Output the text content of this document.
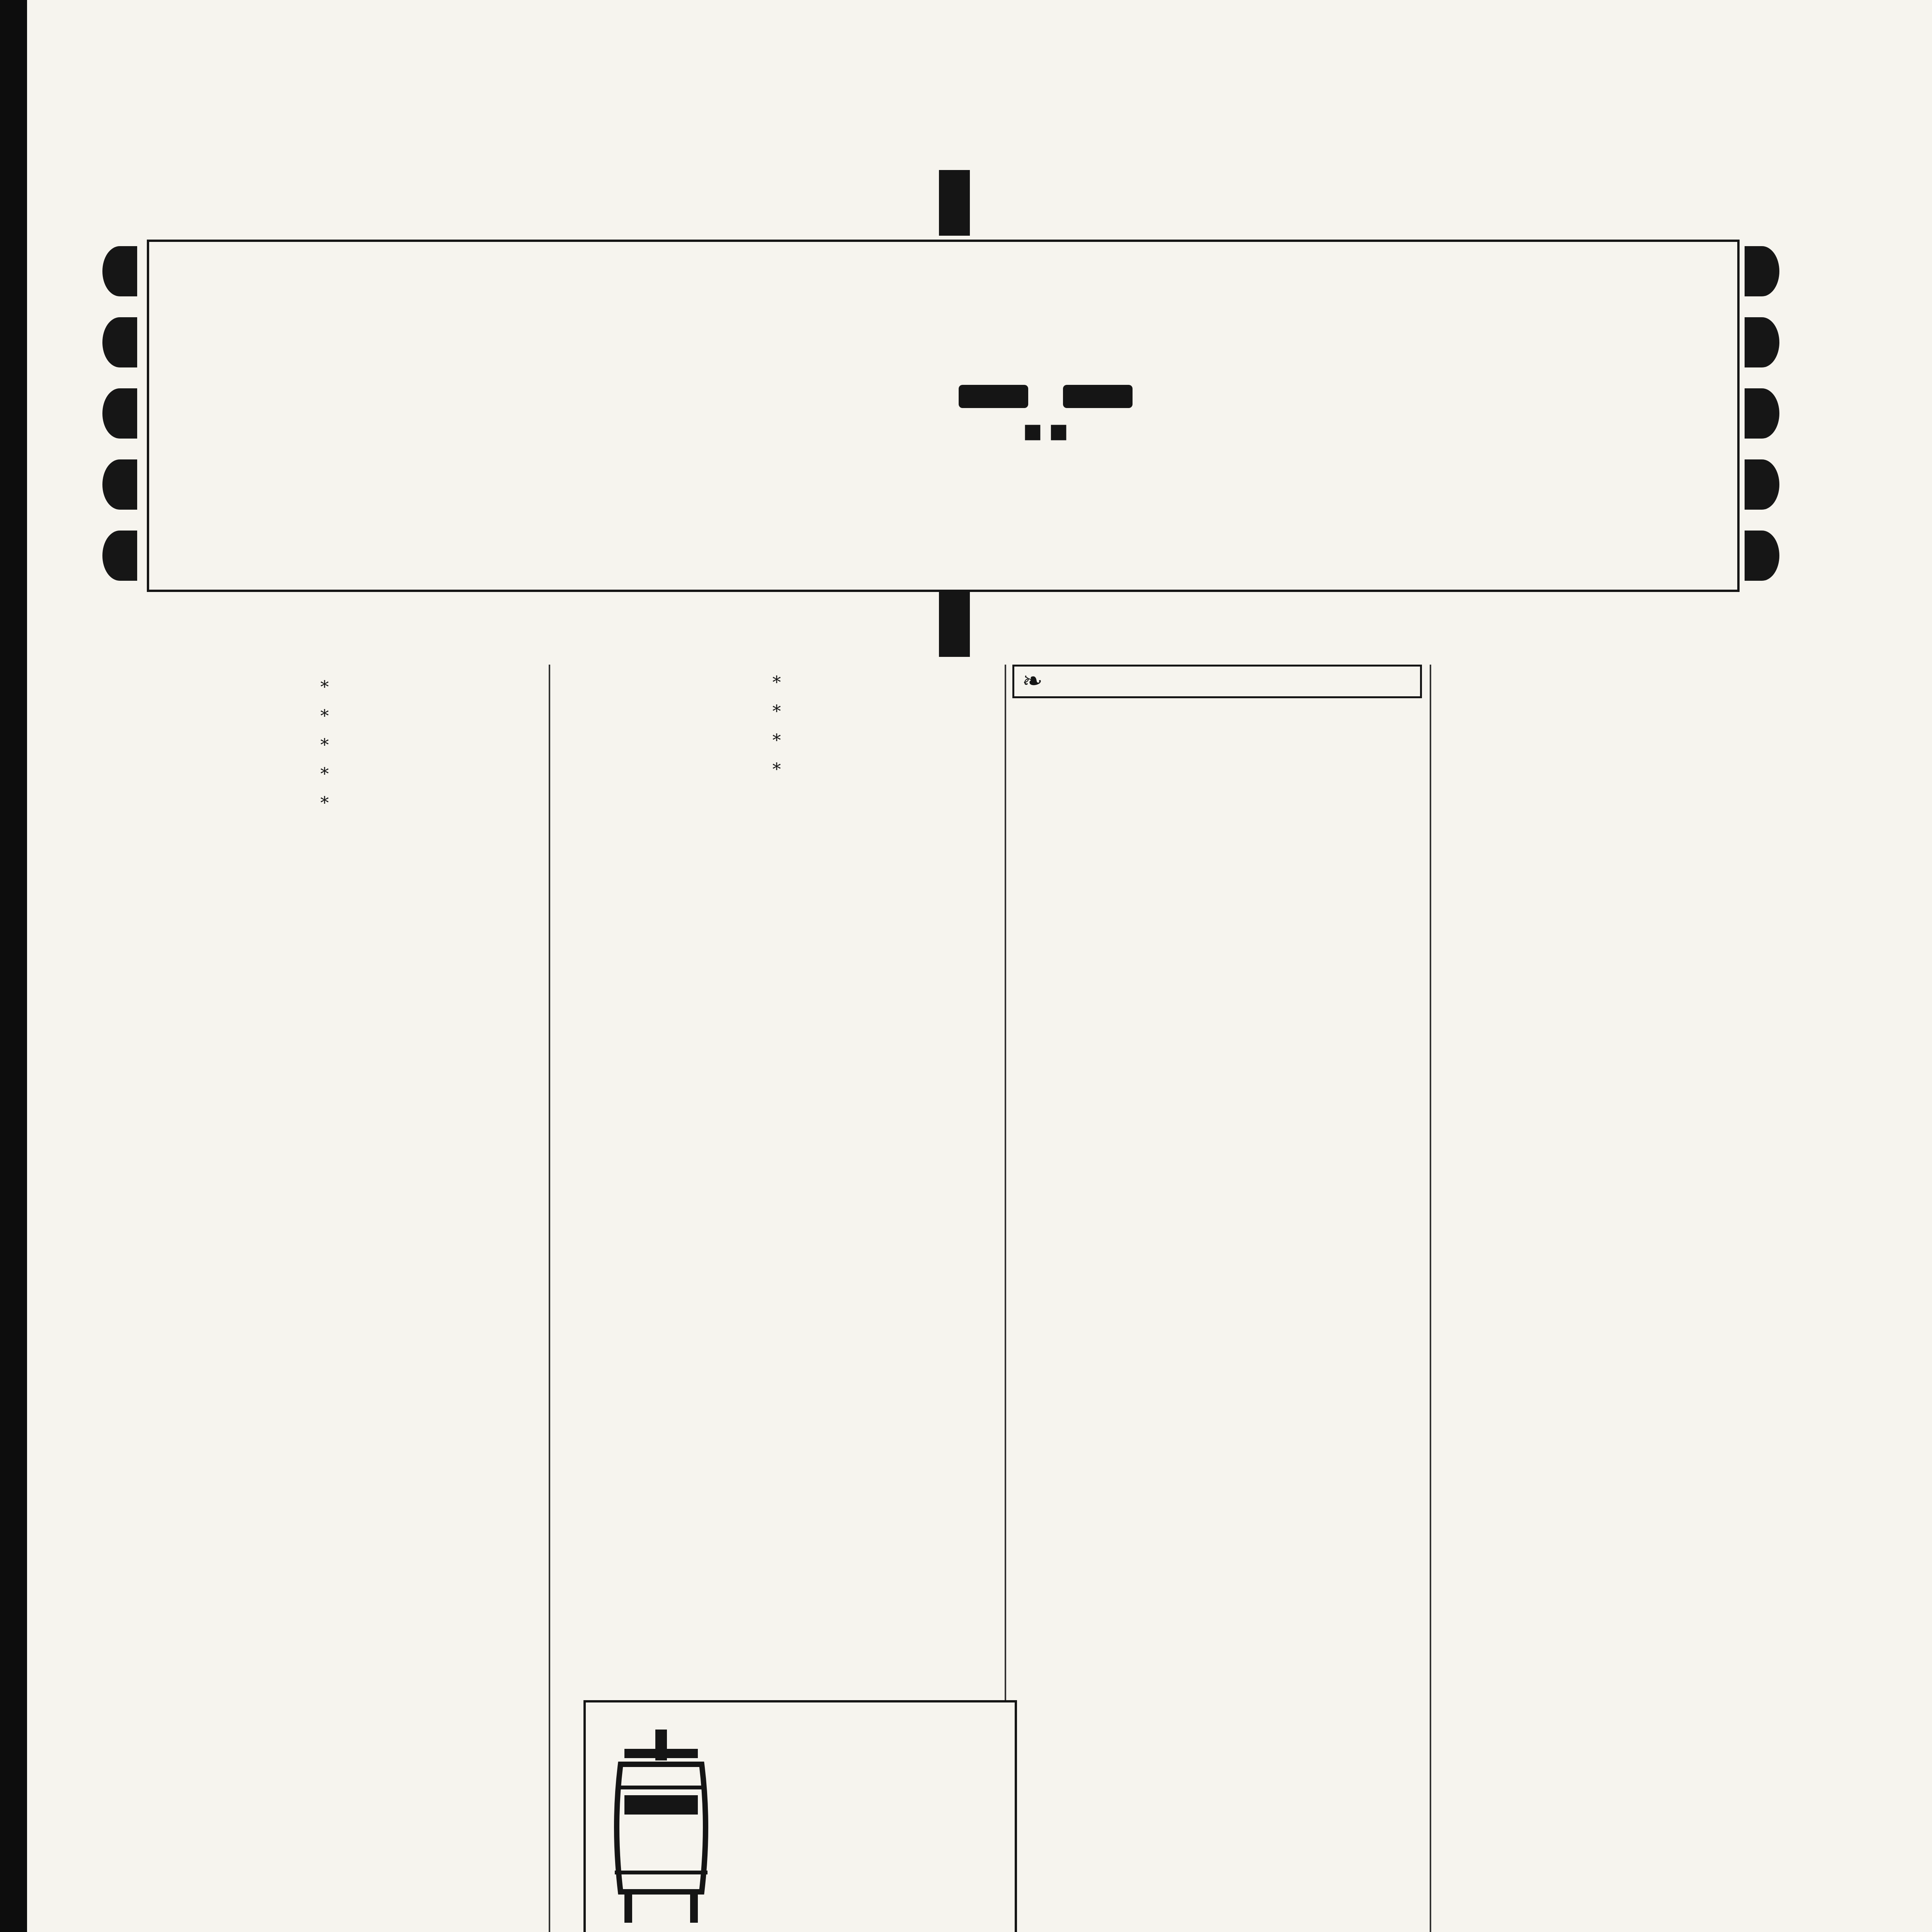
■ ■

*

*

*

*

*

*

*

*

*

❧
